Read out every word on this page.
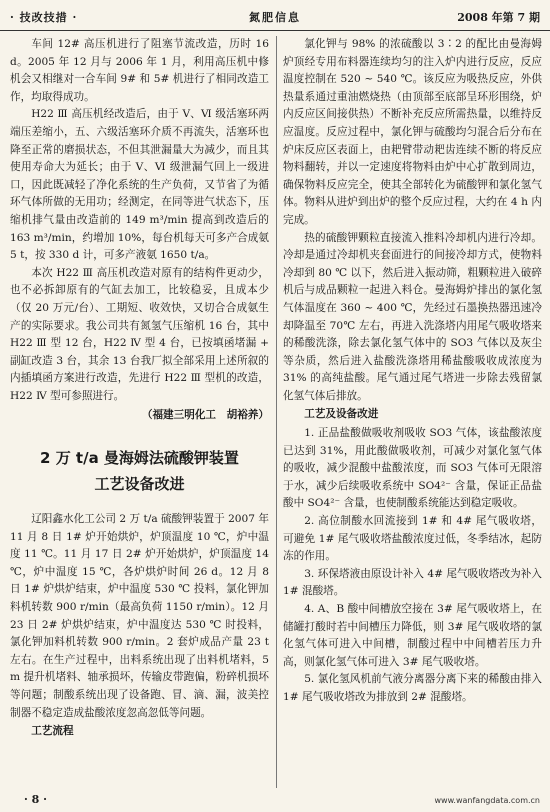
· 技改技措 ·	氮肥信息	2008 年第 7 期

车间 12# 高压机进行了阻塞节流改造，历时 16 d。2005 年 12 月与 2006 年 1 月，利用高压机中修机会又相继对一合车间 9# 和 5# 机进行了相同改造工作，均取得成功。

H22 Ⅲ 高压机经改造后，由于 Ⅴ、Ⅵ 级活塞环两端压差缩小，五、六级活塞环介质不再流失，活塞环也降至正常的磨损状态，不但其泄漏量大为减少，而且其使用寿命大为延长；由于 Ⅴ、Ⅵ 级泄漏气回上一级进口，因此既减轻了净化系统的生产负荷，又节省了为循环气体所做的无用功；经测定，在同等进气状态下，压缩机排气量由改造前的 149 m³/min 提高到改造后的 163 m³/min，约增加 10%，每台机每天可多产合成氨 5 t，按 330 d 计，可多产液氨 1650 t/a。

本次 H22 Ⅲ 高压机改造对原有的结构件更动少，也不必拆卸原有的气缸去加工，比较稳妥，且成本少（仅 20 万元/台）、工期短、收效快，又切合合成氨生产的实际要求。我公司共有氮氢气压缩机 16 台，其中 H22 Ⅲ 型 12 台，H22 Ⅳ 型 4 台，已按填函堵漏 + 副缸改造 3 台，其余 13 台我厂拟全部采用上述所叙的内插填函方案进行改造，先进行 H22 Ⅲ 型机的改造，H22 Ⅳ 型可参照进行。

（福建三明化工　胡裕养）

2 万 t/a 曼海姆法硫酸钾装置
工艺设备改进

辽阳鑫水化工公司 2 万 t/a 硫酸钾装置于 2007 年 11 月 8 日 1# 炉开始烘炉，炉顶温度 10 ℃，炉中温度 11 ℃。11 月 17 日 2# 炉开始烘炉，炉顶温度 14 ℃，炉中温度 15 ℃，各炉烘炉时间 26 d。12 月 8 日 1# 炉烘炉结束，炉中温度 530 ℃ 投料，氯化钾加料机转数 900 r/min（最高负荷 1150 r/min）。12 月 23 日 2# 炉烘炉结束，炉中温度达 530 ℃ 时投料，氯化钾加料机转数 900 r/min。2 套炉成品产量 23 t 左右。在生产过程中，出料系统出现了出料机堵料，5 m 提升机堵料、轴承损坏，传输皮带跑偏，粉碎机损坏等问题；制酸系统出现了设备跑、冒、滴、漏，波美控制器不稳定造成盐酸浓度忽高忽低等问题。

工艺流程

氯化钾与 98% 的浓硫酸以 3∶2 的配比由曼海姆炉顶经专用布料器连续均匀的注入炉内进行反应，反应温度控制在 520 ~ 540 ℃。该反应为吸热反应，外供热量系通过重油燃烧热（由顶部至底部呈环形围绕，炉内反应区间接供热）不断补充反应所需热量，以维持反应温度。反应过程中，氯化钾与硫酸均匀混合后分布在炉床反应区表面上，由耙臂带动耙齿连续不断的将反应物料翻转，并以一定速度将物料由炉中心扩散到周边，确保物料反应完全，使其全部转化为硫酸钾和氯化氢气体。物料从进炉到出炉的整个反应过程，大约在 4 h 内完成。

热的硫酸钾颗粒直接流入推料冷却机内进行冷却。冷却是通过冷却机夹套面进行的间接冷却方式，使物料冷却到 80 ℃ 以下，然后进入振动筛，粗颗粒进入破碎机后与成品颗粒一起进入料仓。曼海姆炉排出的氯化氢气体温度在 360 ~ 400 ℃，先经过石墨换热器迅速冷却降温至 70℃ 左右，再进入洗涤塔内用尾气吸收塔来的稀酸洗涤，除去氯化氢气体中的 SO3 气体以及灰尘等杂质，然后进入盐酸洗涤塔用稀盐酸吸收成浓度为 31% 的高纯盐酸。尾气通过尾气塔进一步除去残留氯化氢气体后排放。

工艺及设备改进

1. 正品盐酸做吸收剂吸收 SO3 气体，该盐酸浓度已达到 31%，用此酸做吸收剂，可减少对氯化氢气体的吸收，减少混酸中盐酸浓度，而 SO3 气体可无限溶于水，减少后续吸收系统中 SO4²⁻ 含量，保证正品盐酸中 SO4²⁻ 含量，也使制酸系统能达到稳定吸收。

2. 高位制酸水回流接到 1# 和 4# 尾气吸收塔，可避免 1# 尾气吸收塔盐酸浓度过低，冬季结冰，起防冻的作用。

3. 环保塔液由原设计补入 4# 尾气吸收塔改为补入 1# 混酸塔。

4. A、B 酸中间槽放空接在 3# 尾气吸收塔上，在储罐打酸时若中间槽压力降低，则 3# 尾气吸收塔的氯化氢气体可进入中间槽，制酸过程中中间槽若压力升高，则氯化氢气体可进入 3# 尾气吸收塔。

5. 氯化氢风机前气液分离器分离下来的稀酸由排入 1# 尾气吸收塔改为排放到 2# 混酸塔。

· 8 ·	www.wanfangdata.com.cn
